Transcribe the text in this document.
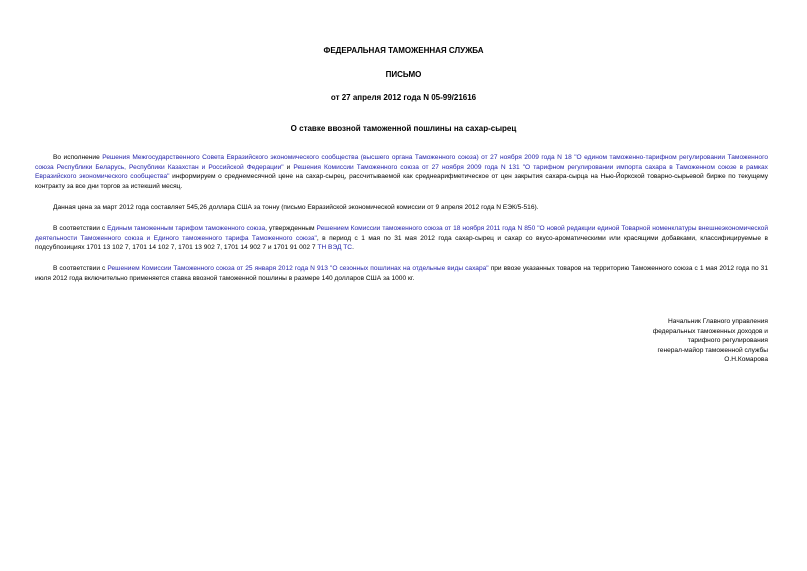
ФЕДЕРАЛЬНАЯ ТАМОЖЕННАЯ СЛУЖБА
ПИСЬМО
от 27 апреля 2012 года N 05-99/21616
О ставке ввозной таможенной пошлины на сахар-сырец

Во исполнение Решения Межгосударственного Совета Евразийского экономического сообщества (высшего органа Таможенного союза) от 27 ноября 2009 года N 18 "О едином таможенно-тарифном регулировании Таможенного союза Республики Беларусь, Республики Казахстан и Российской Федерации" и Решения Комиссии Таможенного союза от 27 ноября 2009 года N 131 "О тарифном регулировании импорта сахара в Таможенном союзе в рамках Евразийского экономического сообщества" информируем о среднемесячной цене на сахар-сырец, рассчитываемой как среднеарифметическое от цен закрытия сахара-сырца на Нью-Йоркской товарно-сырьевой бирже по текущему контракту за все дни торгов за истекший месяц.

Данная цена за март 2012 года составляет 545,26 доллара США за тонну (письмо Евразийской экономической комиссии от 9 апреля 2012 года N ЕЭК/5-516).

В соответствии с Единым таможенным тарифом таможенного союза, утвержденным Решением Комиссии таможенного союза от 18 ноября 2011 года N 850 "О новой редакции единой Товарной номенклатуры внешнеэкономической деятельности Таможенного союза и Единого таможенного тарифа Таможенного союза", в период с 1 мая по 31 мая 2012 года сахар-сырец и сахар со вкусо-ароматическими или красящими добавками, классифицируемые в подсубпозициях 1701 13 102 7, 1701 14 102 7, 1701 13 902 7, 1701 14 902 7 и 1701 91 002 7 ТН ВЭД ТС.

В соответствии с Решением Комиссии Таможенного союза от 25 января 2012 года N 913 "О сезонных пошлинах на отдельные виды сахара" при ввозе указанных товаров на территорию Таможенного союза с 1 мая 2012 года по 31 июля 2012 года включительно применяется ставка ввозной таможенной пошлины в размере 140 долларов США за 1000 кг.

Начальник Главного управления
федеральных таможенных доходов и
тарифного регулирования
генерал-майор таможенной службы
О.Н.Комарова
